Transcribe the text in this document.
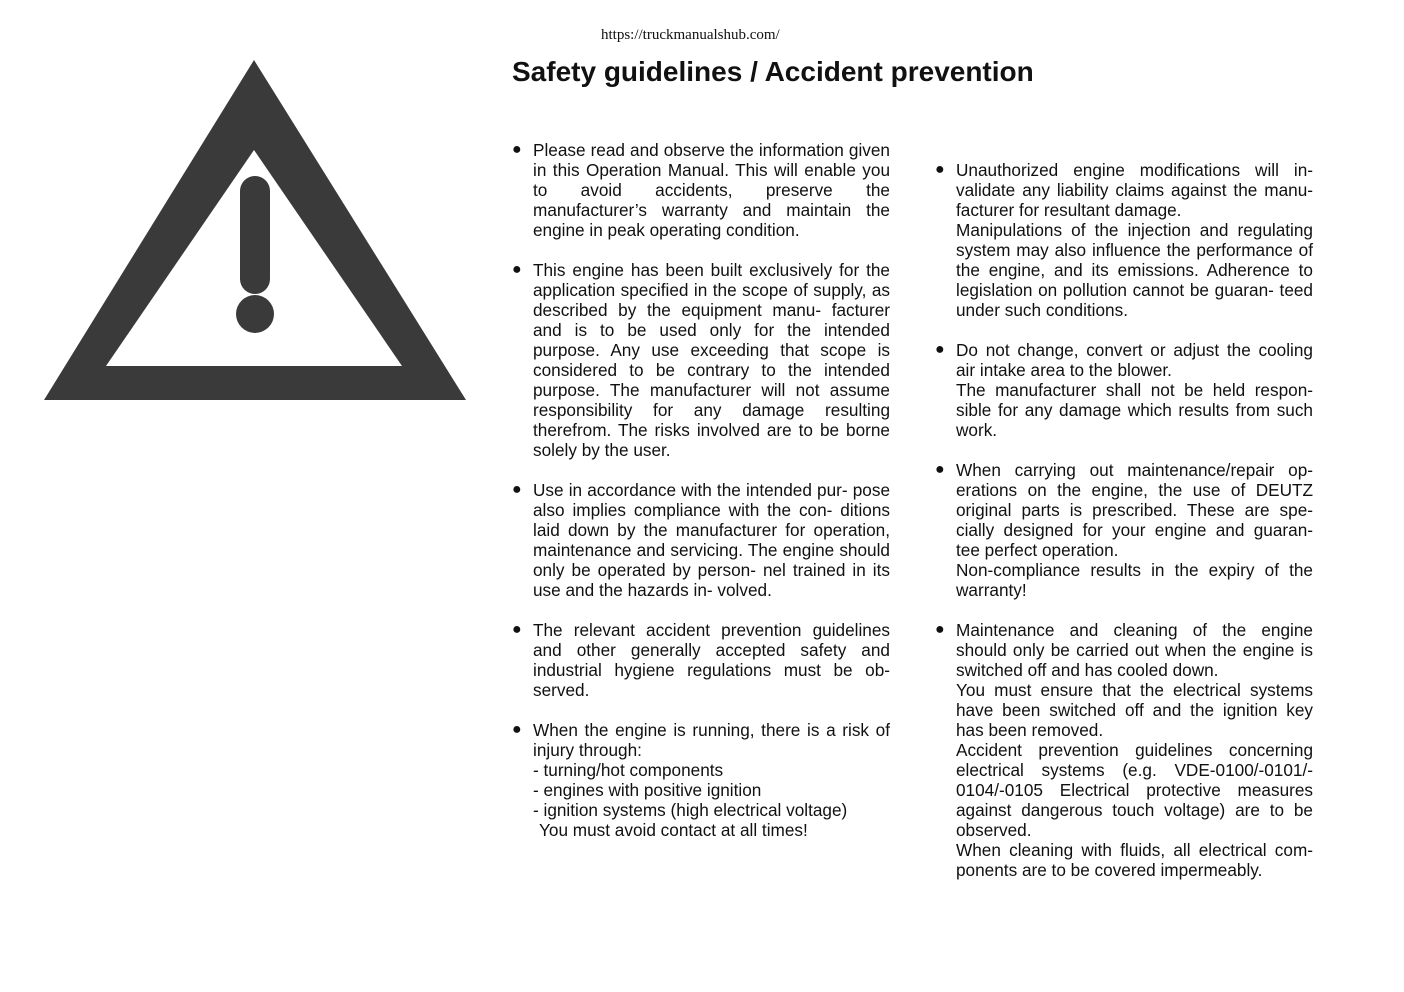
https://truckmanualshub.com/
Safety guidelines / Accident prevention
● Please read and observe the information given in this Operation Manual. This will enable you to avoid accidents, preserve the manufacturer’s warranty and maintain the engine in peak operating condition.
● This engine has been built exclusively for the application specified in the scope of supply, as described by the equipment manu- facturer and is to be used only for the intended purpose. Any use exceeding that scope is considered to be contrary to the intended purpose. The manufacturer will not assume responsibility for any damage resulting therefrom. The risks involved are to be borne solely by the user.
● Use in accordance with the intended pur- pose also implies compliance with the con- ditions laid down by the manufacturer for operation, maintenance and servicing. The engine should only be operated by person- nel trained in its use and the hazards in- volved.
● The relevant accident prevention guidelines and other generally accepted safety and industrial hygiene regulations must be ob- served.
● When the engine is running, there is a risk of injury through:
- turning/hot components
- engines with positive ignition
- ignition systems (high electrical voltage)
You must avoid contact at all times!
● Unauthorized engine modifications will in- validate any liability claims against the manu- facturer for resultant damage.
Manipulations of the injection and regulating system may also influence the performance of the engine, and its emissions. Adherence to legislation on pollution cannot be guaran- teed under such conditions.
● Do not change, convert or adjust the cooling air intake area to the blower.
The manufacturer shall not be held respon- sible for any damage which results from such work.
● When carrying out maintenance/repair op- erations on the engine, the use of DEUTZ original parts is prescribed. These are spe- cially designed for your engine and guaran- tee perfect operation.
Non-compliance results in the expiry of the warranty!
● Maintenance and cleaning of the engine should only be carried out when the engine is switched off and has cooled down.
You must ensure that the electrical systems have been switched off and the ignition key has been removed.
Accident prevention guidelines concerning electrical systems (e.g. VDE-0100/-0101/- 0104/-0105 Electrical protective measures against dangerous touch voltage) are to be observed.
When cleaning with fluids, all electrical com- ponents are to be covered impermeably.
